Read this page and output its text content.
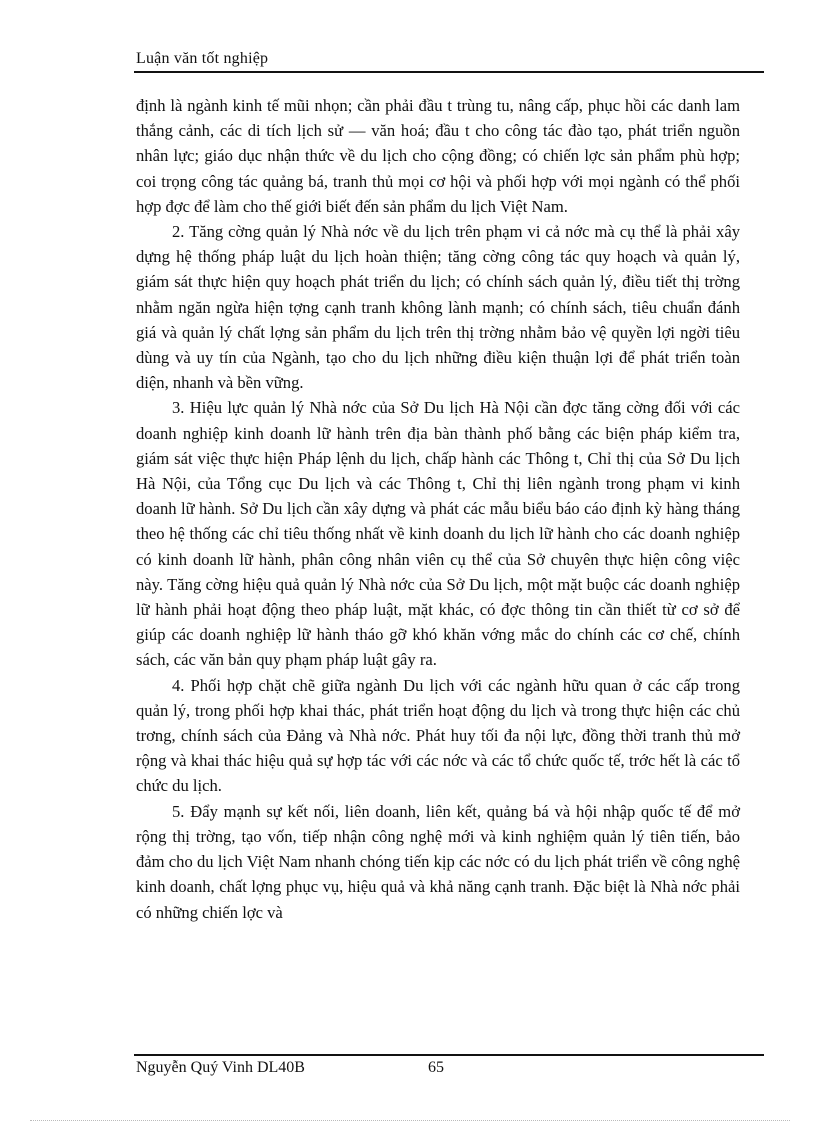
Luận văn tốt nghiệp

định là ngành kinh tế mũi nhọn; cần phải đầu t trùng tu, nâng cấp, phục hồi các danh lam thắng cảnh, các di tích lịch sử — văn hoá; đầu t cho công tác đào tạo, phát triển nguồn nhân lực; giáo dục nhận thức về du lịch cho cộng đồng; có chiến lợc sản phẩm phù hợp; coi trọng công tác quảng bá, tranh thủ mọi cơ hội và phối hợp với mọi ngành có thể phối hợp đợc để làm cho thế giới biết đến sản phẩm du lịch Việt Nam.

2. Tăng cờng quản lý Nhà nớc về du lịch trên phạm vi cả nớc mà cụ thể là phải xây dựng hệ thống pháp luật du lịch hoàn thiện; tăng cờng công tác quy hoạch và quản lý, giám sát thực hiện quy hoạch phát triển du lịch; có chính sách quản lý, điều tiết thị trờng nhằm ngăn ngừa hiện tợng cạnh tranh không lành mạnh; có chính sách, tiêu chuẩn đánh giá và quản lý chất lợng sản phẩm du lịch trên thị trờng nhằm bảo vệ quyền lợi ngời tiêu dùng và uy tín của Ngành, tạo cho du lịch những điều kiện thuận lợi để phát triển toàn diện, nhanh và bền vững.

3. Hiệu lực quản lý Nhà nớc của Sở Du lịch Hà Nội cần đợc tăng cờng đối với các doanh nghiệp kinh doanh lữ hành trên địa bàn thành phố bằng các biện pháp kiểm tra, giám sát việc thực hiện Pháp lệnh du lịch, chấp hành các Thông t, Chỉ thị của Sở Du lịch Hà Nội, của Tổng cục Du lịch và các Thông t, Chỉ thị liên ngành trong phạm vi kinh doanh lữ hành. Sở Du lịch cần xây dựng và phát các mẫu biểu báo cáo định kỳ hàng tháng theo hệ thống các chỉ tiêu thống nhất về kinh doanh du lịch lữ hành cho các doanh nghiệp có kinh doanh lữ hành, phân công nhân viên cụ thể của Sở chuyên thực hiện công việc này. Tăng cờng hiệu quả quản lý Nhà nớc của Sở Du lịch, một mặt buộc các doanh nghiệp lữ hành phải hoạt động theo pháp luật, mặt khác, có đợc thông tin cần thiết từ cơ sở để giúp các doanh nghiệp lữ hành tháo gỡ khó khăn vớng mắc do chính các cơ chế, chính sách, các văn bản quy phạm pháp luật gây ra.

4. Phối hợp chặt chẽ giữa ngành Du lịch với các ngành hữu quan ở các cấp trong quản lý, trong phối hợp khai thác, phát triển hoạt động du lịch và trong thực hiện các chủ trơng, chính sách của Đảng và Nhà nớc. Phát huy tối đa nội lực, đồng thời tranh thủ mở rộng và khai thác hiệu quả sự hợp tác với các nớc và các tổ chức quốc tế, trớc hết là các tổ chức du lịch.

5. Đẩy mạnh sự kết nối, liên doanh, liên kết, quảng bá và hội nhập quốc tế để mở rộng thị trờng, tạo vốn, tiếp nhận công nghệ mới và kinh nghiệm quản lý tiên tiến, bảo đảm cho du lịch Việt Nam nhanh chóng tiến kịp các nớc có du lịch phát triển về công nghệ kinh doanh, chất lợng phục vụ, hiệu quả và khả năng cạnh tranh. Đặc biệt là Nhà nớc phải có những chiến lợc và

Nguyễn Quý Vinh DL40B	65
